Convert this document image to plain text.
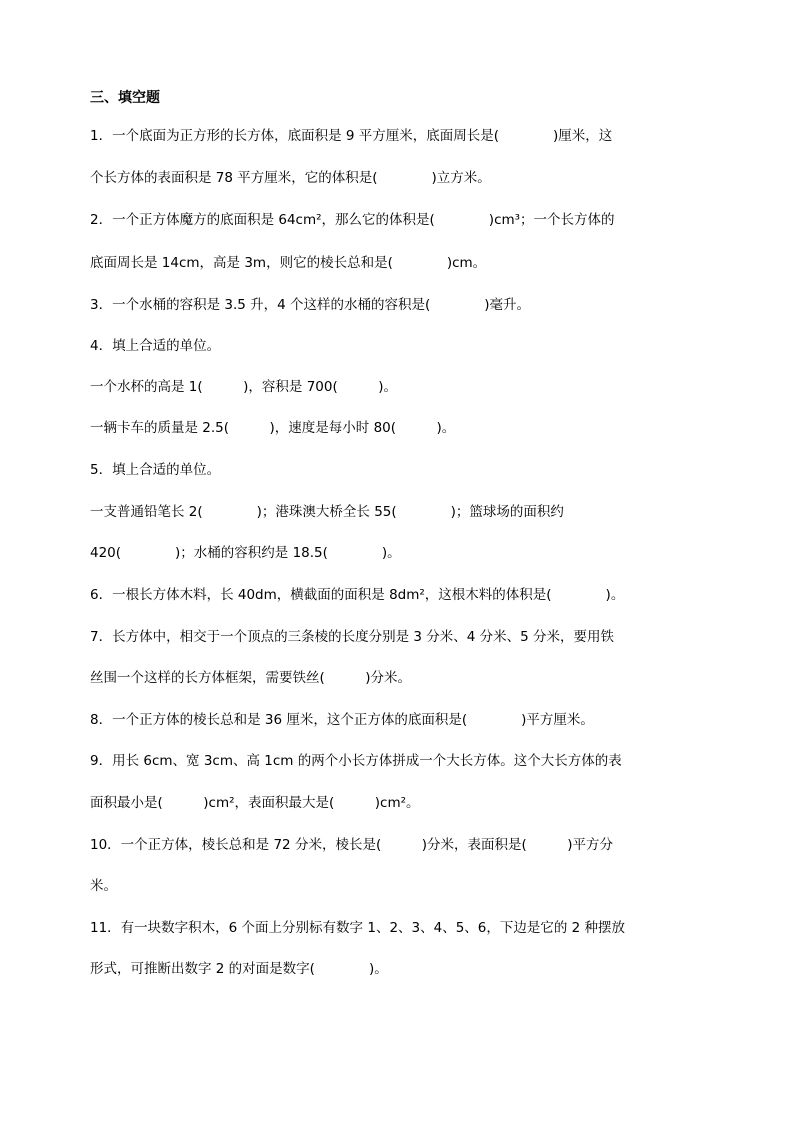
三、填空题
1．一个底面为正方形的长方体，底面积是 9 平方厘米，底面周长是(　　　　)厘米，这
个长方体的表面积是 78 平方厘米，它的体积是(　　　　)立方米。
2．一个正方体魔方的底面积是 64cm²，那么它的体积是(　　　　)cm³；一个长方体的
底面周长是 14cm，高是 3m，则它的棱长总和是(　　　　)cm。
3．一个水桶的容积是 3.5 升，4 个这样的水桶的容积是(　　　　)毫升。
4．填上合适的单位。
一个水杯的高是 1(　　　)，容积是 700(　　　)。
一辆卡车的质量是 2.5(　　　)，速度是每小时 80(　　　)。
5．填上合适的单位。
一支普通铅笔长 2(　　　　)；港珠澳大桥全长 55(　　　　)；篮球场的面积约
420(　　　　)；水桶的容积约是 18.5(　　　　)。
6．一根长方体木料，长 40dm，横截面的面积是 8dm²，这根木料的体积是(　　　　)。
7．长方体中，相交于一个顶点的三条棱的长度分别是 3 分米、4 分米、5 分米，要用铁
丝围一个这样的长方体框架，需要铁丝(　　　)分米。
8．一个正方体的棱长总和是 36 厘米，这个正方体的底面积是(　　　　)平方厘米。
9．用长 6cm、宽 3cm、高 1cm 的两个小长方体拼成一个大长方体。这个大长方体的表
面积最小是(　　　)cm²，表面积最大是(　　　)cm²。
10．一个正方体，棱长总和是 72 分米，棱长是(　　　)分米，表面积是(　　　)平方分
米。
11．有一块数字积木，6 个面上分别标有数字 1、2、3、4、5、6，下边是它的 2 种摆放
形式，可推断出数字 2 的对面是数字(　　　　)。
